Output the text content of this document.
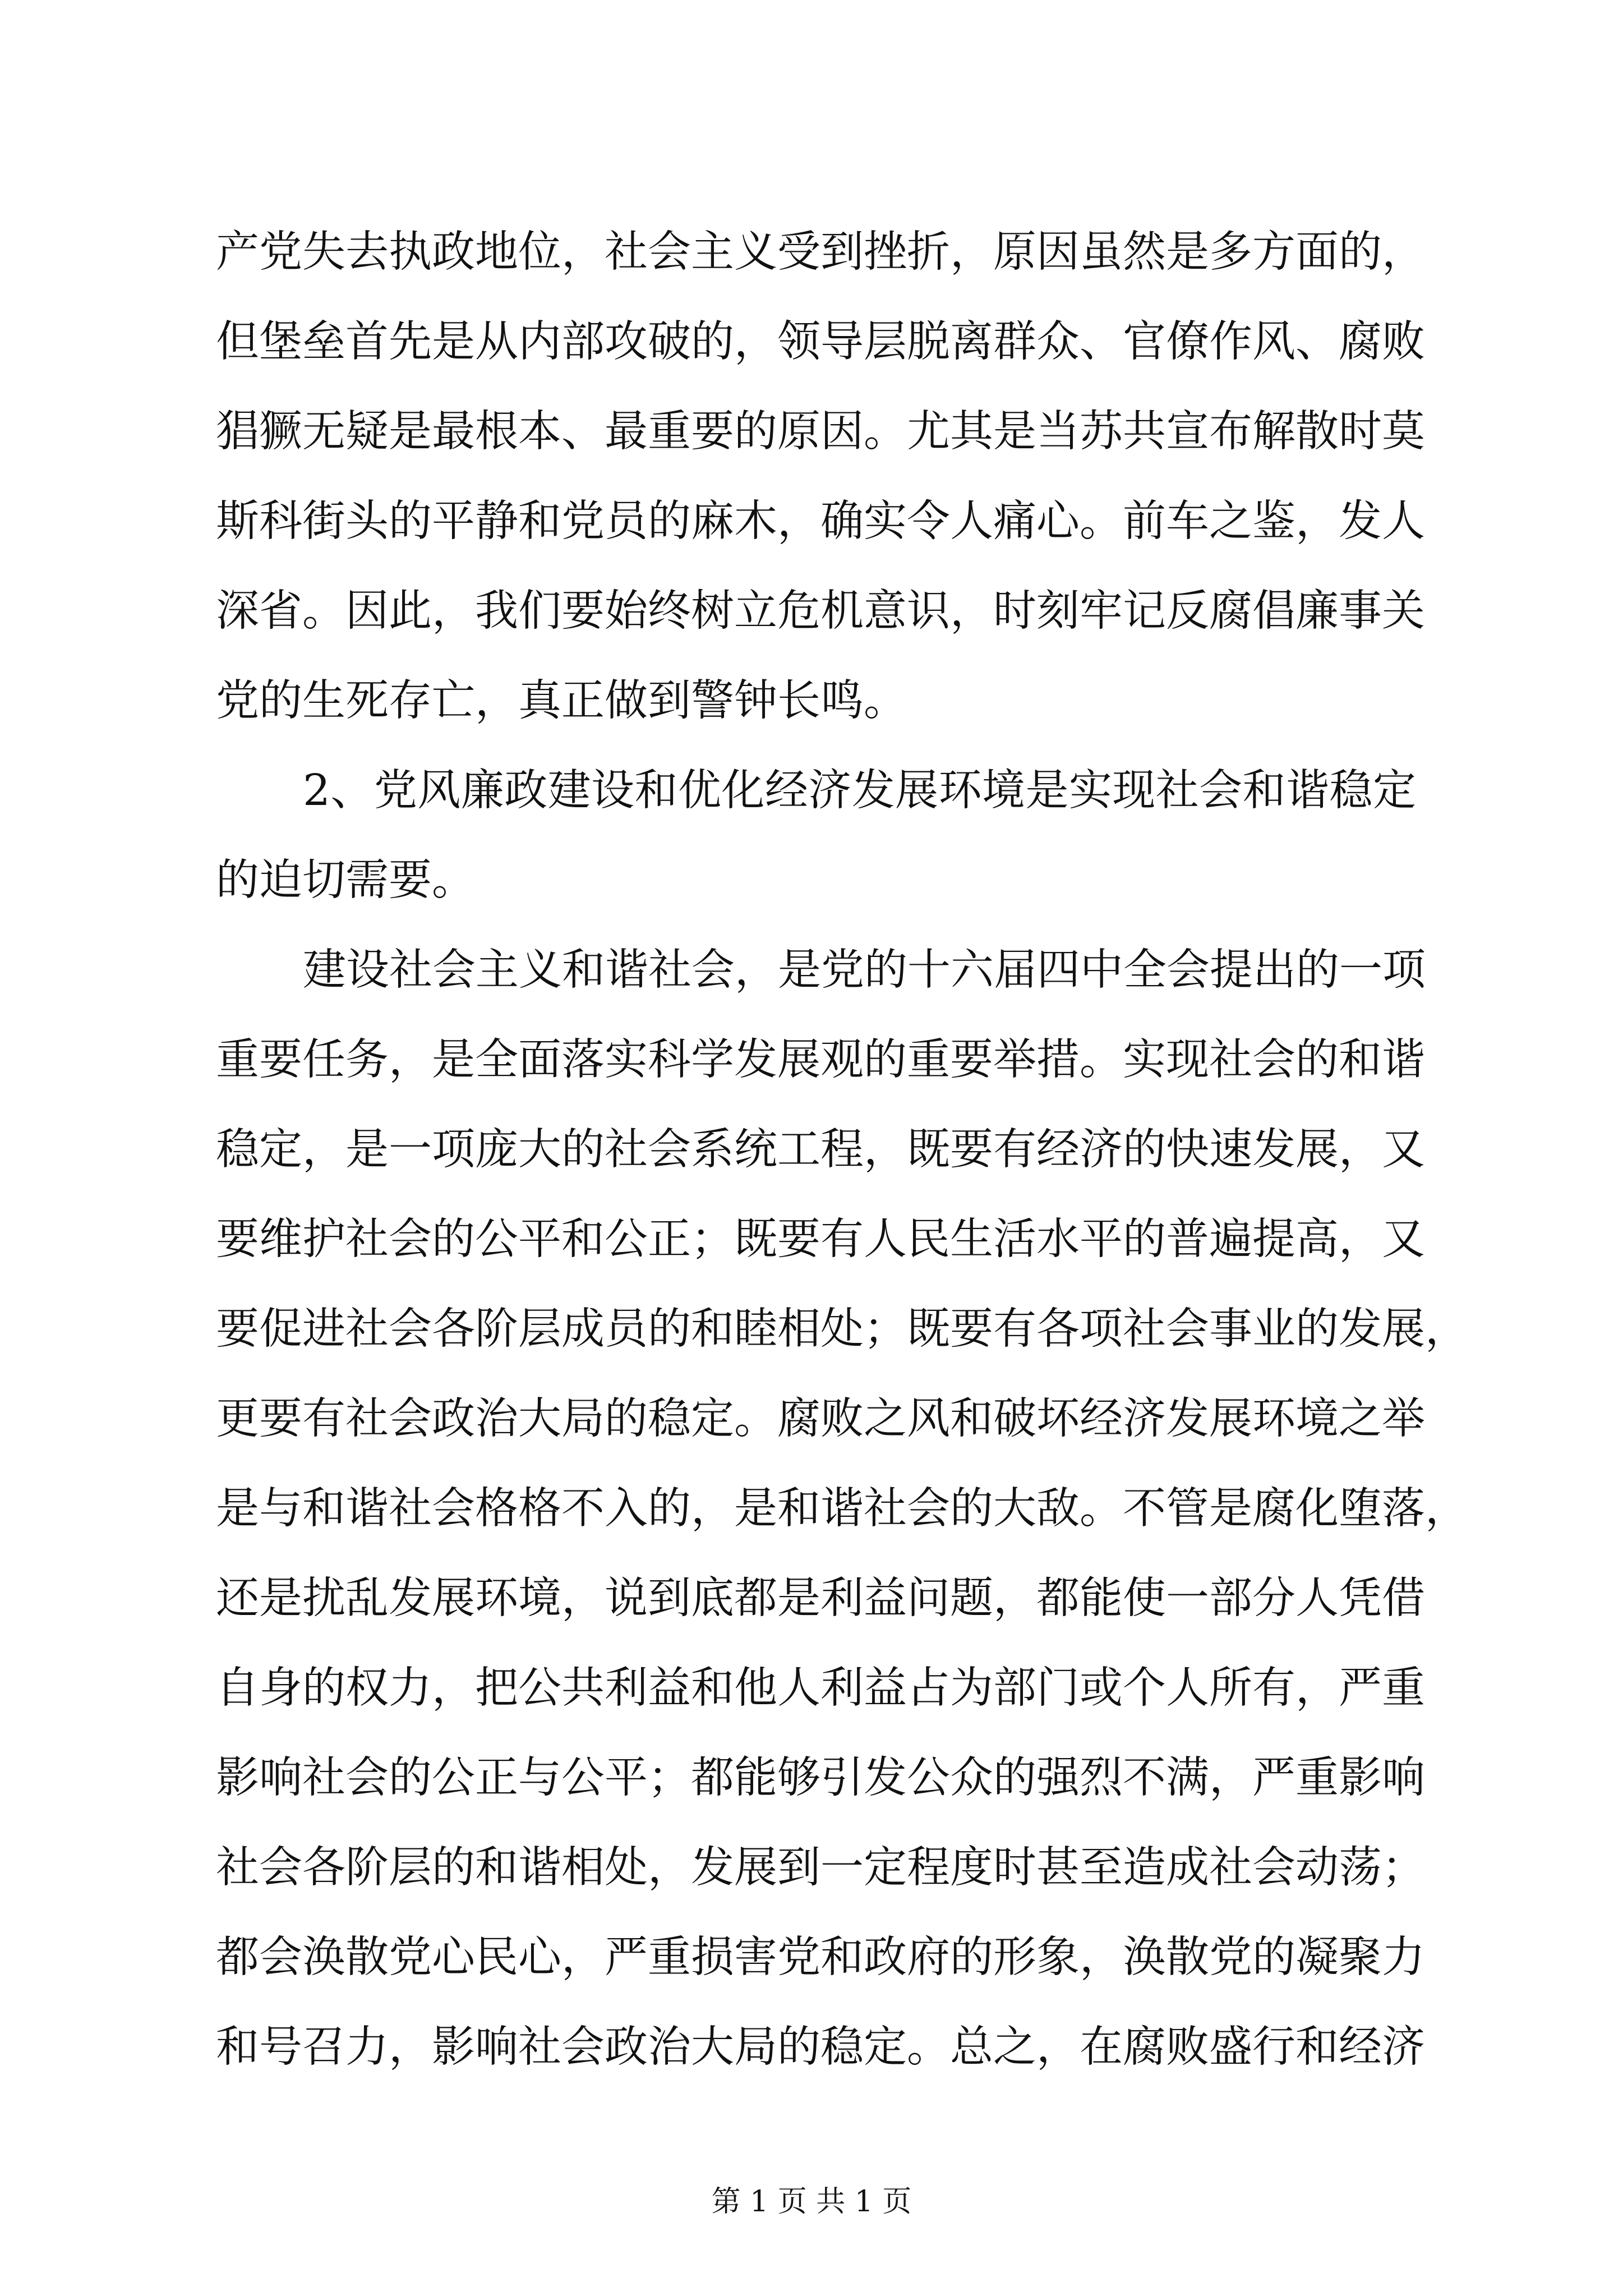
产党失去执政地位，社会主义受到挫折，原因虽然是多方面的，
但堡垒首先是从内部攻破的，领导层脱离群众、官僚作风、腐败
猖獗无疑是最根本、最重要的原因。尤其是当苏共宣布解散时莫
斯科街头的平静和党员的麻木，确实令人痛心。前车之鉴，发人
深省。因此，我们要始终树立危机意识，时刻牢记反腐倡廉事关
党的生死存亡，真正做到警钟长鸣。
2、党风廉政建设和优化经济发展环境是实现社会和谐稳定
的迫切需要。
建设社会主义和谐社会，是党的十六届四中全会提出的一项
重要任务，是全面落实科学发展观的重要举措。实现社会的和谐
稳定，是一项庞大的社会系统工程，既要有经济的快速发展，又
要维护社会的公平和公正；既要有人民生活水平的普遍提高，又
要促进社会各阶层成员的和睦相处；既要有各项社会事业的发展，
更要有社会政治大局的稳定。腐败之风和破坏经济发展环境之举
是与和谐社会格格不入的，是和谐社会的大敌。不管是腐化堕落，
还是扰乱发展环境，说到底都是利益问题，都能使一部分人凭借
自身的权力，把公共利益和他人利益占为部门或个人所有，严重
影响社会的公正与公平；都能够引发公众的强烈不满，严重影响
社会各阶层的和谐相处，发展到一定程度时甚至造成社会动荡；
都会涣散党心民心，严重损害党和政府的形象，涣散党的凝聚力
和号召力，影响社会政治大局的稳定。总之，在腐败盛行和经济
第 1 页 共 1 页
